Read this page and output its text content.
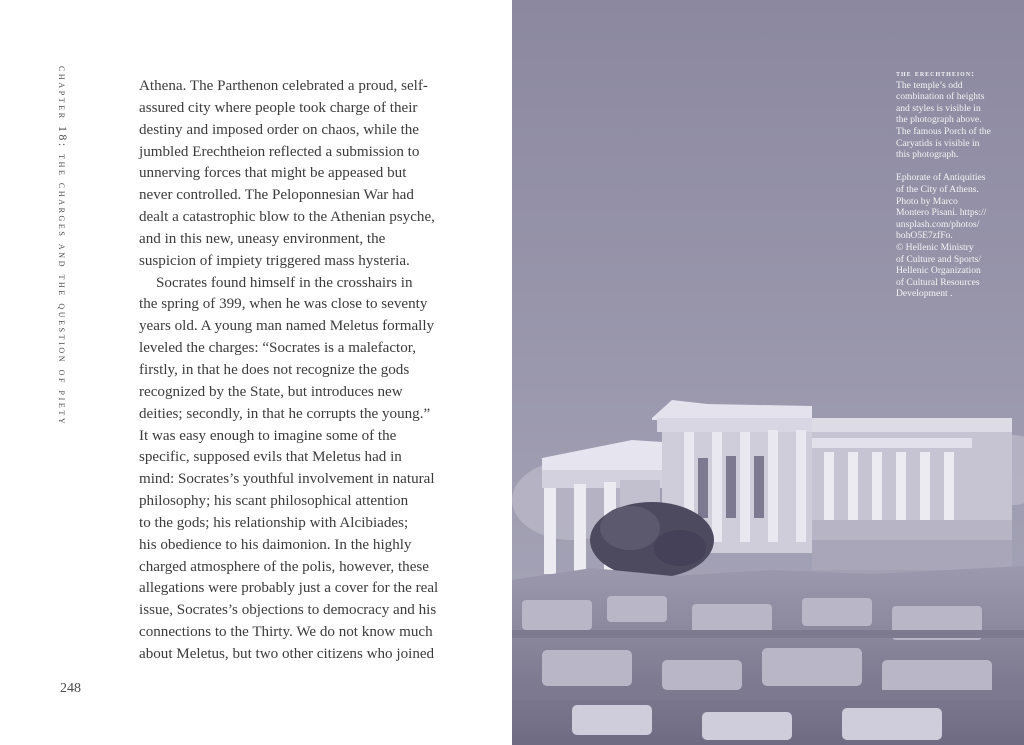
chapter 18: the charges and the question of piety	Athena. The Parthenon celebrated a proud, self-
assured city where people took charge of their
destiny and imposed order on chaos, while the
jumbled Erechtheion reflected a submission to
unnerving forces that might be appeased but
never controlled. The Peloponnesian War had
dealt a catastrophic blow to the Athenian psyche,
and in this new, uneasy environment, the
suspicion of impiety triggered mass hysteria.
Socrates found himself in the crosshairs in
the spring of 399, when he was close to seventy
years old. A young man named Meletus formally
leveled the charges: “Socrates is a malefactor,
firstly, in that he does not recognize the gods
recognized by the State, but introduces new
deities; secondly, in that he corrupts the young.”
It was easy enough to imagine some of the
specific, supposed evils that Meletus had in
mind: Socrates’s youthful involvement in natural
philosophy; his scant philosophical attention
to the gods; his relationship with Alcibiades;
his obedience to his daimonion. In the highly
charged atmosphere of the polis, however, these
allegations were probably just a cover for the real
issue, Socrates’s objections to democracy and his
connections to the Thirty. We do not know much
about Meletus, but two other citizens who joined
248
the erechtheion:
The temple’s odd
combination of heights
and styles is visible in
the photograph above.
The famous Porch of the
Caryatids is visible in
this photograph.
Ephorate of Antiquities
of the City of Athens.
Photo by Marco
Montero Pisani. https://
unsplash.com/photos/
bohO5E7zfFo.
© Hellenic Ministry
of Culture and Sports/
Hellenic Organization
of Cultural Resources
Development .
